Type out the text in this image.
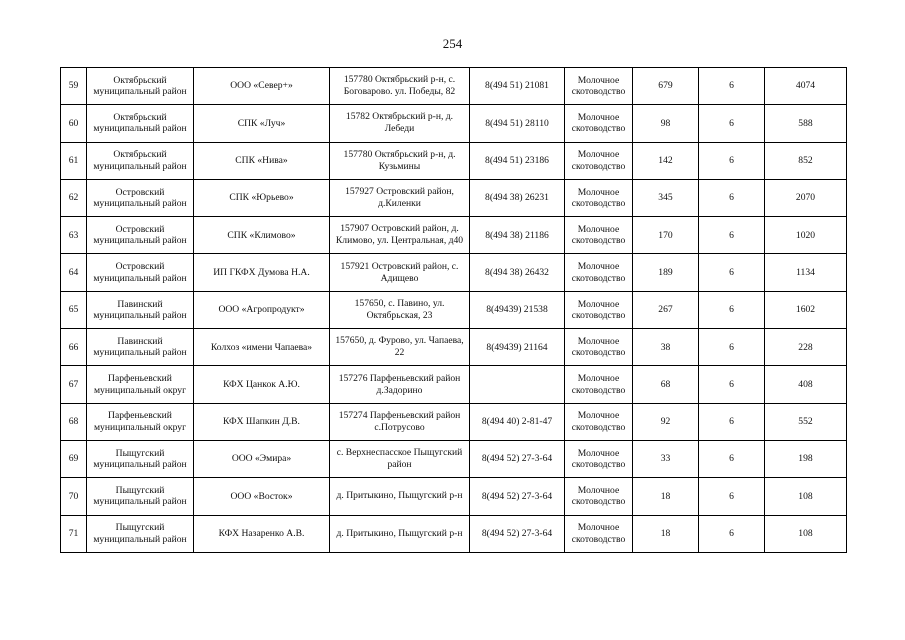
254
59	Октябрьский муниципальный район	ООО «Север+»	157780 Октябрьский р-н, с. Боговарово. ул. Победы, 82	8(494 51) 21081	Молочное скотоводство	679	6	4074
60	Октябрьский муниципальный район	СПК «Луч»	15782 Октябрьский р-н, д. Лебеди	8(494 51) 28110	Молочное скотоводство	98	6	588
61	Октябрьский муниципальный район	СПК «Нива»	157780 Октябрьский р-н, д. Кузьмины	8(494 51) 23186	Молочное скотоводство	142	6	852
62	Островский муниципальный район	СПК «Юрьево»	157927 Островский район, д.Киленки	8(494 38) 26231	Молочное скотоводство	345	6	2070
63	Островский муниципальный район	СПК «Климово»	157907 Островский район, д. Климово, ул. Центральная, д40	8(494 38) 21186	Молочное скотоводство	170	6	1020
64	Островский муниципальный район	ИП ГКФХ Думова Н.А.	157921 Островский район, с. Адищево	8(494 38) 26432	Молочное скотоводство	189	6	1134
65	Павинский муниципальный район	ООО «Агропродукт»	157650, с. Павино, ул. Октябрьская, 23	8(49439) 21538	Молочное скотоводство	267	6	1602
66	Павинский муниципальный район	Колхоз «имени Чапаева»	157650, д. Фурово, ул. Чапаева, 22	8(49439) 21164	Молочное скотоводство	38	6	228
67	Парфеньевский муниципальный округ	КФХ Цанкок А.Ю.	157276 Парфеньевский район д.Задорино		Молочное скотоводство	68	6	408
68	Парфеньевский муниципальный округ	КФХ Шапкин Д.В.	157274 Парфеньевский район с.Потрусово	8(494 40) 2-81-47	Молочное скотоводство	92	6	552
69	Пыщугский муниципальный район	ООО «Эмира»	с. Верхнеспасское Пыщугский район	8(494 52) 27-3-64	Молочное скотоводство	33	6	198
70	Пыщугский муниципальный район	ООО «Восток»	д. Притыкино, Пыщугский р-н	8(494 52) 27-3-64	Молочное скотоводство	18	6	108
71	Пыщугский муниципальный район	КФХ Назаренко А.В.	д. Притыкино, Пыщугский р-н	8(494 52) 27-3-64	Молочное скотоводство	18	6	108
